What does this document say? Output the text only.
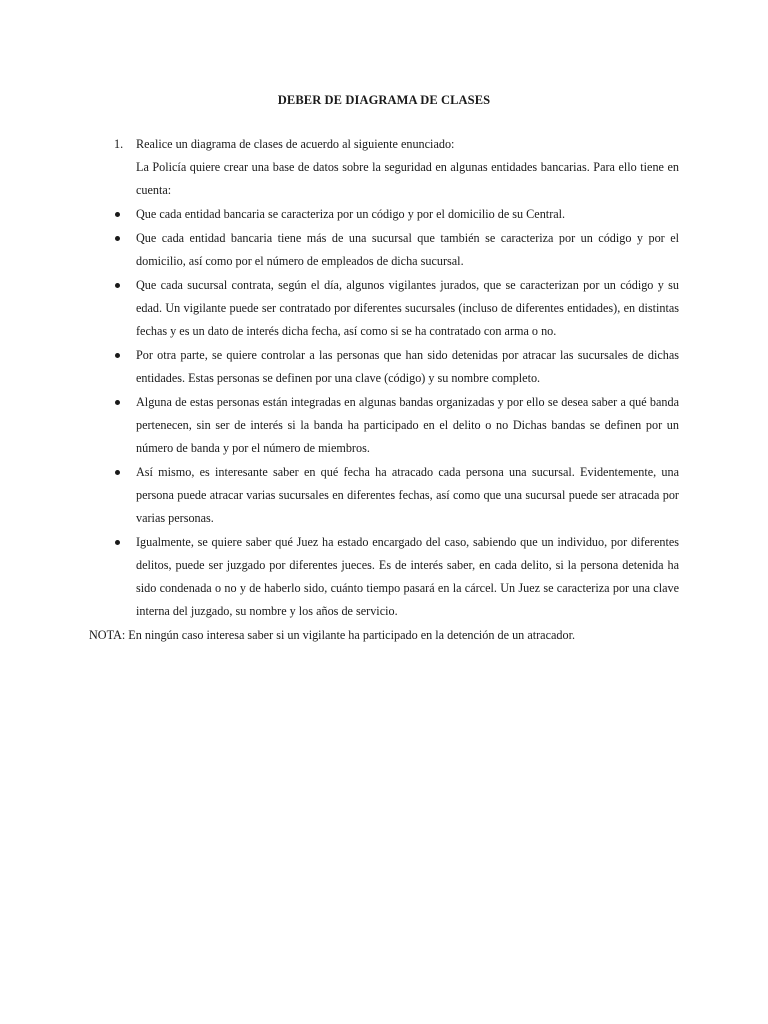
DEBER DE DIAGRAMA DE CLASES
1.	Realice un diagrama de clases de acuerdo al siguiente enunciado:

La Policía quiere crear una base de datos sobre la seguridad en algunas entidades bancarias. Para ello tiene en cuenta:

Que cada entidad bancaria se caracteriza por un código y por el domicilio de su Central.

Que cada entidad bancaria tiene más de una sucursal que también se caracteriza por un código y por el domicilio, así como por el número de empleados de dicha sucursal.

Que cada sucursal contrata, según el día, algunos vigilantes jurados, que se caracterizan por un código y su edad. Un vigilante puede ser contratado por diferentes sucursales (incluso de diferentes entidades), en distintas fechas y es un dato de interés dicha fecha, así como si se ha contratado con arma o no.

Por otra parte, se quiere controlar a las personas que han sido detenidas por atracar las sucursales de dichas entidades. Estas personas se definen por una clave (código) y su nombre completo.

Alguna de estas personas están integradas en algunas bandas organizadas y por ello se desea saber a qué banda pertenecen, sin ser de interés si la banda ha participado en el delito o no Dichas bandas se definen por un número de banda y por el número de miembros.

Así mismo, es interesante saber en qué fecha ha atracado cada persona una sucursal. Evidentemente, una persona puede atracar varias sucursales en diferentes fechas, así como que una sucursal puede ser atracada por varias personas.

Igualmente, se quiere saber qué Juez ha estado encargado del caso, sabiendo que un individuo, por diferentes delitos, puede ser juzgado por diferentes jueces. Es de interés saber, en cada delito, si la persona detenida ha sido condenada o no y de haberlo sido, cuánto tiempo pasará en la cárcel. Un Juez se caracteriza por una clave interna del juzgado, su nombre y los años de servicio.

NOTA: En ningún caso interesa saber si un vigilante ha participado en la detención de un atracador.
